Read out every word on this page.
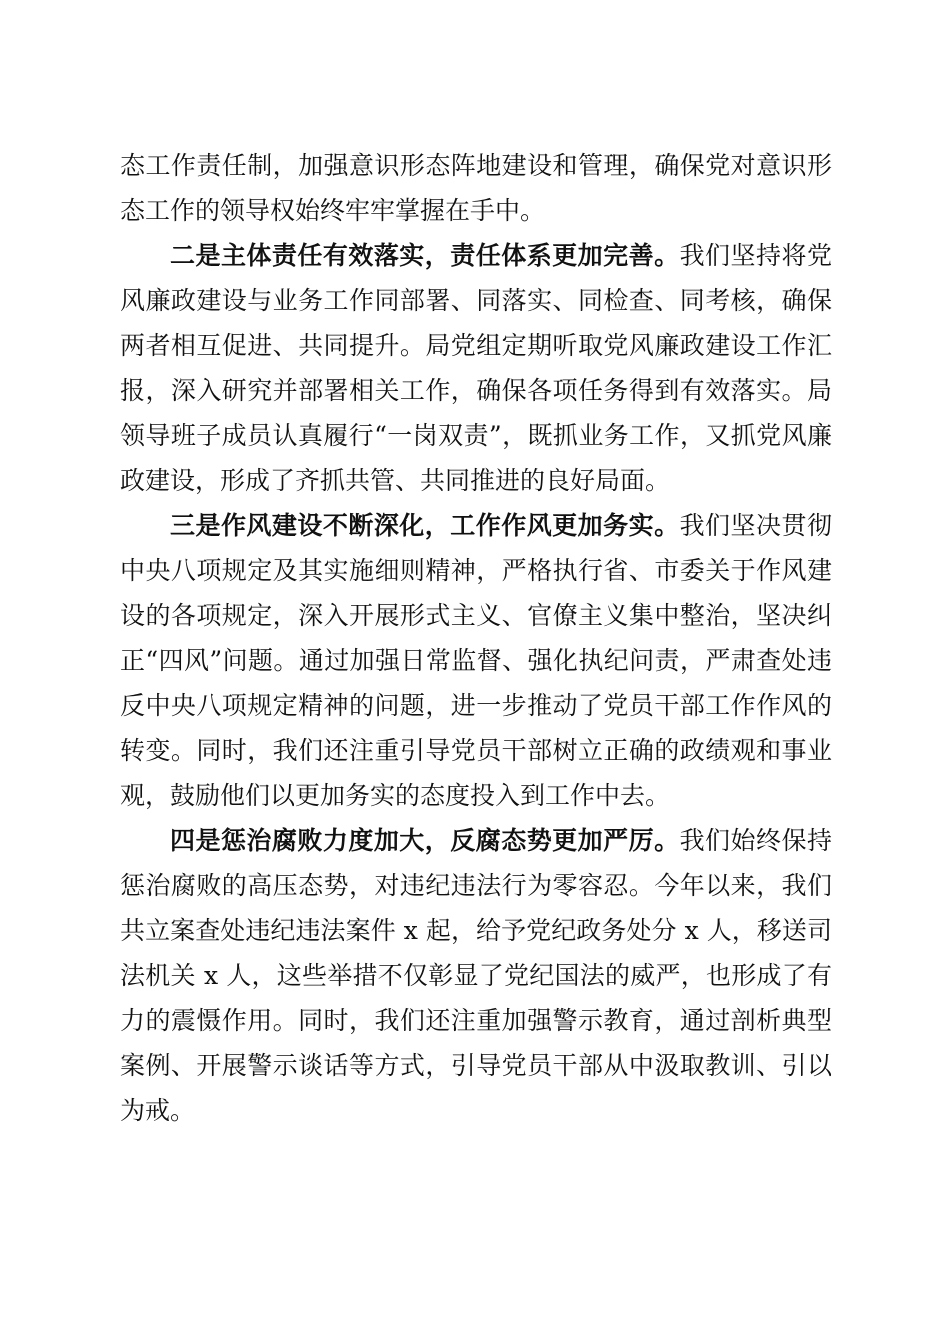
态工作责任制，加强意识形态阵地建设和管理，确保党对意识形态工作的领导权始终牢牢掌握在手中。

二是主体责任有效落实，责任体系更加完善。我们坚持将党风廉政建设与业务工作同部署、同落实、同检查、同考核，确保两者相互促进、共同提升。局党组定期听取党风廉政建设工作汇报，深入研究并部署相关工作，确保各项任务得到有效落实。局领导班子成员认真履行“一岗双责”，既抓业务工作，又抓党风廉政建设，形成了齐抓共管、共同推进的良好局面。

三是作风建设不断深化，工作作风更加务实。我们坚决贯彻中央八项规定及其实施细则精神，严格执行省、市委关于作风建设的各项规定，深入开展形式主义、官僚主义集中整治，坚决纠正“四风”问题。通过加强日常监督、强化执纪问责，严肃查处违反中央八项规定精神的问题，进一步推动了党员干部工作作风的转变。同时，我们还注重引导党员干部树立正确的政绩观和事业观，鼓励他们以更加务实的态度投入到工作中去。

四是惩治腐败力度加大，反腐态势更加严厉。我们始终保持惩治腐败的高压态势，对违纪违法行为零容忍。今年以来，我们共立案查处违纪违法案件 x 起，给予党纪政务处分 x 人，移送司法机关 x 人，这些举措不仅彰显了党纪国法的威严，也形成了有力的震慑作用。同时，我们还注重加强警示教育，通过剖析典型案例、开展警示谈话等方式，引导党员干部从中汲取教训、引以为戒。
